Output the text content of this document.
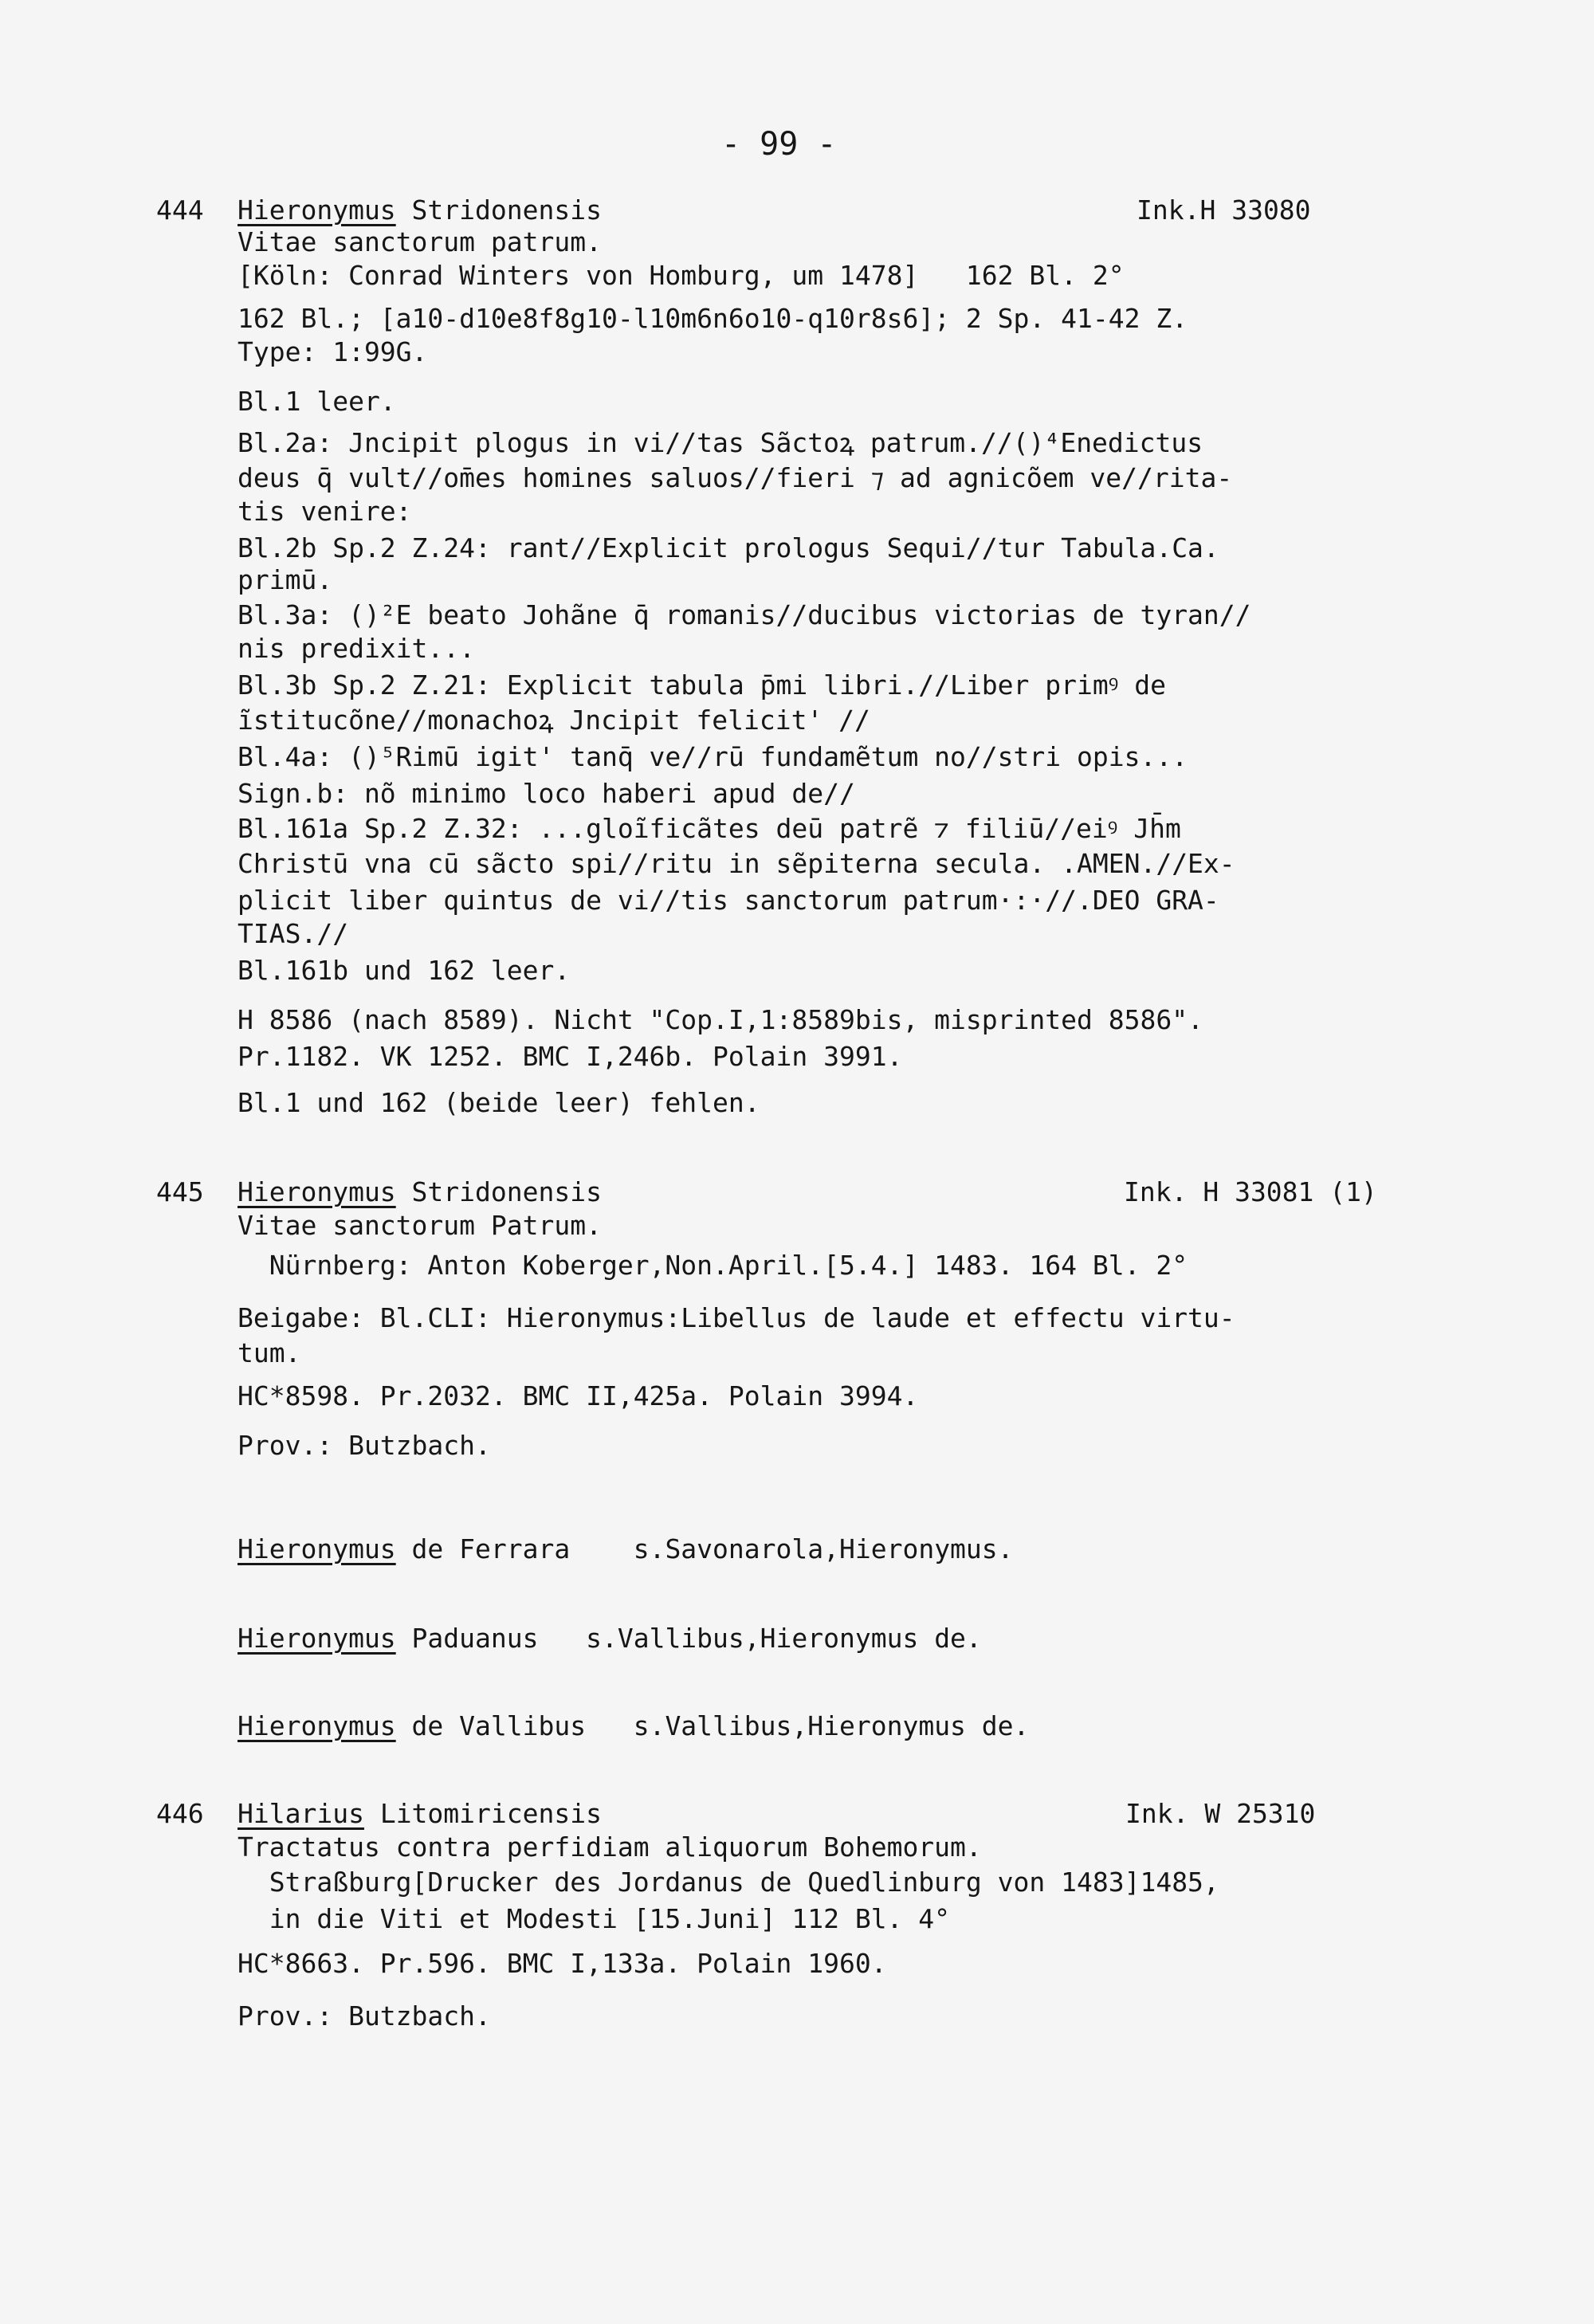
- 99 -
444 Hieronymus Stridonensis	Ink.H 33080
Vitae sanctorum patrum.
[Köln: Conrad Winters von Homburg, um 1478]   162 Bl. 2°
162 Bl.; [a10-d10e8f8g10-l10m6n6o10-q10r8s6]; 2 Sp. 41-42 Z.
Type: 1:99G.
Bl.1 leer.
Bl.2a: Jncipit plogus in vi//tas Sãctoꝝ patrum.//()⁴Enedictus
deus q̄ vult//om̄es homines saluos//fieri ⁊ ad agnicõem ve//rita-
tis venire:
Bl.2b Sp.2 Z.24: rant//Explicit prologus Sequi//tur Tabula.Ca.
primū.
Bl.3a: ()²E beato Johãne q̄ romanis//ducibus victorias de tyran//
nis predixit...
Bl.3b Sp.2 Z.21: Explicit tabula p̄mi libri.//Liber primꝰ de
ĩstitucõne//monachoꝝ Jncipit felicit' //
Bl.4a: ()⁵Rimū igit' tanq̄ ve//rū fundamẽtum no//stri opis...
Sign.b: nõ minimo loco haberi apud de//
Bl.161a Sp.2 Z.32: ...gloĩficãtes deū patrẽ ⁊ filiū//eiꝰ Jh̄m
Christū vna cū sãcto spi//ritu in sẽpiterna secula. .AMEN.//Ex-
plicit liber quintus de vi//tis sanctorum patrum·:·//.DEO GRA-
TIAS.//
Bl.161b und 162 leer.
H 8586 (nach 8589). Nicht "Cop.I,1:8589bis, misprinted 8586".
Pr.1182. VK 1252. BMC I,246b. Polain 3991.
Bl.1 und 162 (beide leer) fehlen.
445 Hieronymus Stridonensis	Ink. H 33081 (1)
Vitae sanctorum Patrum.
Nürnberg: Anton Koberger,Non.April.[5.4.] 1483. 164 Bl. 2°
Beigabe: Bl.CLI: Hieronymus:Libellus de laude et effectu virtu-
tum.
HC*8598. Pr.2032. BMC II,425a. Polain 3994.
Prov.: Butzbach.
Hieronymus de Ferrara    s.Savonarola,Hieronymus.
Hieronymus Paduanus   s.Vallibus,Hieronymus de.
Hieronymus de Vallibus   s.Vallibus,Hieronymus de.
446 Hilarius Litomiricensis	Ink. W 25310
Tractatus contra perfidiam aliquorum Bohemorum.
Straßburg[Drucker des Jordanus de Quedlinburg von 1483]1485,
in die Viti et Modesti [15.Juni] 112 Bl. 4°
HC*8663. Pr.596. BMC I,133a. Polain 1960.
Prov.: Butzbach.
